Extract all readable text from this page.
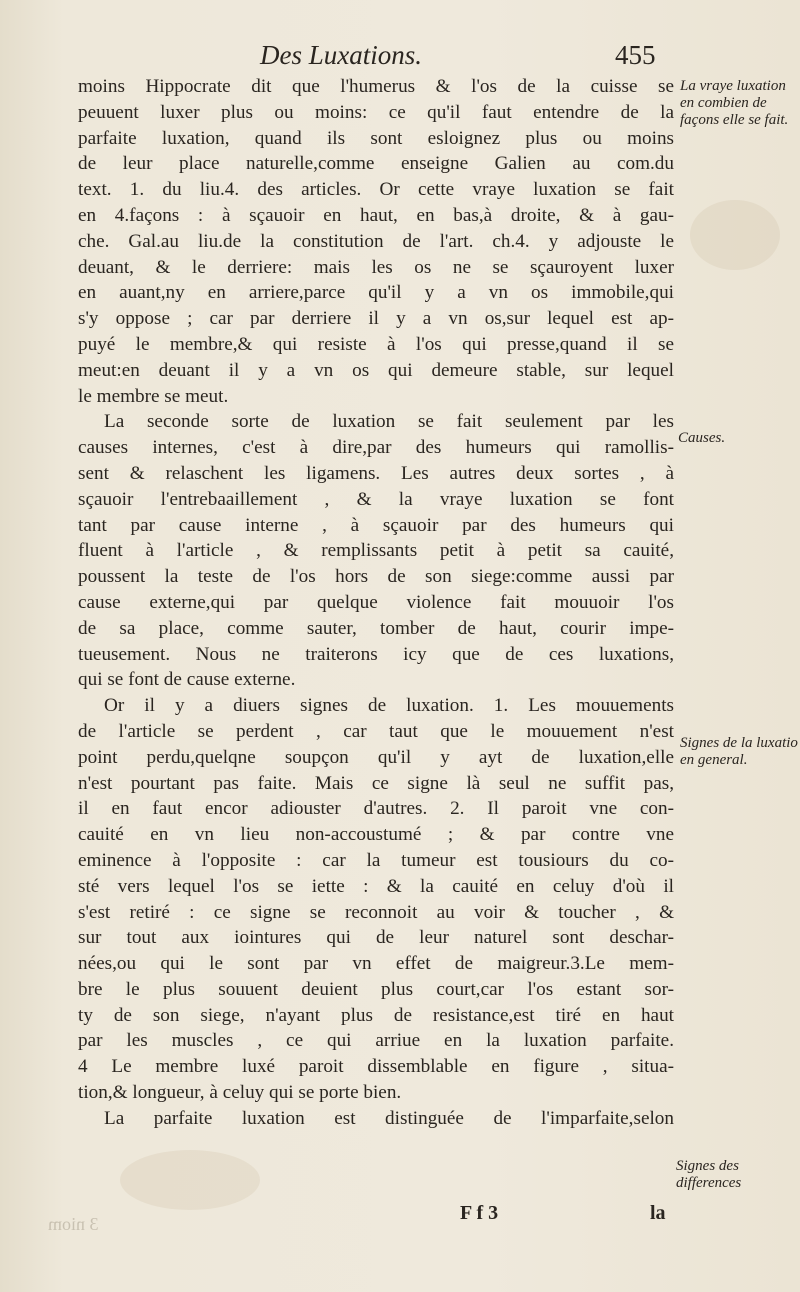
Des Luxations.	455
moins Hippocrate dit que l'humerus & l'os de la cuisse se
peuuent luxer plus ou moins: ce qu'il faut entendre de la
parfaite luxation, quand ils sont esloignez plus ou moins
de leur place naturelle,comme enseigne Galien au com.du
text. 1. du liu.4. des articles. Or cette vraye luxation se fait
en 4.façons : à sçauoir en haut, en bas,à droite, & à gau-
che. Gal.au liu.de la constitution de l'art. ch.4. y adjouste le
deuant, & le derriere: mais les os ne se sçauroyent luxer
en auant,ny en arriere,parce qu'il y a vn os immobile,qui
s'y oppose ; car par derriere il y a vn os,sur lequel est ap-
puyé le membre,& qui resiste à l'os qui presse,quand il se
meut:en deuant il y a vn os qui demeure stable, sur lequel
le membre se meut.
La seconde sorte de luxation se fait seulement par les
causes internes, c'est à dire,par des humeurs qui ramollis-
sent & relaschent les ligamens. Les autres deux sortes , à
sçauoir l'entrebaaillement , & la vraye luxation se font
tant par cause interne , à sçauoir par des humeurs qui
fluent à l'article , & remplissants petit à petit sa cauité,
poussent la teste de l'os hors de son siege:comme aussi par
cause externe,qui par quelque violence fait mouuoir l'os
de sa place, comme sauter, tomber de haut, courir impe-
tueusement. Nous ne traiterons icy que de ces luxations,
qui se font de cause externe.
Or il y a diuers signes de luxation. 1. Les mouuements
de l'article se perdent , car taut que le mouuement n'est
point perdu,quelqne soupçon qu'il y ayt de luxation,elle
n'est pourtant pas faite. Mais ce signe là seul ne suffit pas,
il en faut encor adiouster d'autres. 2. Il paroit vne con-
cauité en vn lieu non-accoustumé ; & par contre vne
eminence à l'opposite : car la tumeur est tousiours du co-
sté vers lequel l'os se iette : & la cauité en celuy d'où il
s'est retiré : ce signe se reconnoit au voir & toucher , &
sur tout aux iointures qui de leur naturel sont deschar-
nées,ou qui le sont par vn effet de maigreur.3.Le mem-
bre le plus souuent deuient plus court,car l'os estant sor-
ty de son siege, n'ayant plus de resistance,est tiré en haut
par les muscles , ce qui arriue en la luxation parfaite.
4 Le membre luxé paroit dissemblable en figure , situa-
tion,& longueur, à celuy qui se porte bien.
La parfaite luxation est distinguée de l'imparfaite,selon
La vraye luxation en combien de façons elle se fait.
Causes.
Signes de la luxatio en general.
Signes des differences
F f 3	la
3 niom
